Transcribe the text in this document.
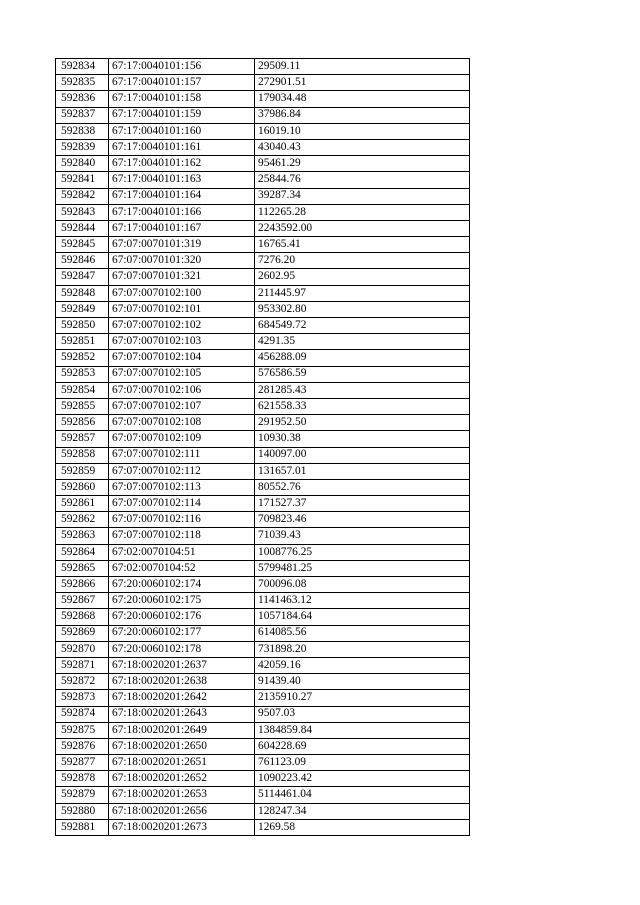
592834	67:17:0040101:156	29509.11
592835	67:17:0040101:157	272901.51
592836	67:17:0040101:158	179034.48
592837	67:17:0040101:159	37986.84
592838	67:17:0040101:160	16019.10
592839	67:17:0040101:161	43040.43
592840	67:17:0040101:162	95461.29
592841	67:17:0040101:163	25844.76
592842	67:17:0040101:164	39287.34
592843	67:17:0040101:166	112265.28
592844	67:17:0040101:167	2243592.00
592845	67:07:0070101:319	16765.41
592846	67:07:0070101:320	7276.20
592847	67:07:0070101:321	2602.95
592848	67:07:0070102:100	211445.97
592849	67:07:0070102:101	953302.80
592850	67:07:0070102:102	684549.72
592851	67:07:0070102:103	4291.35
592852	67:07:0070102:104	456288.09
592853	67:07:0070102:105	576586.59
592854	67:07:0070102:106	281285.43
592855	67:07:0070102:107	621558.33
592856	67:07:0070102:108	291952.50
592857	67:07:0070102:109	10930.38
592858	67:07:0070102:111	140097.00
592859	67:07:0070102:112	131657.01
592860	67:07:0070102:113	80552.76
592861	67:07:0070102:114	171527.37
592862	67:07:0070102:116	709823.46
592863	67:07:0070102:118	71039.43
592864	67:02:0070104:51	1008776.25
592865	67:02:0070104:52	5799481.25
592866	67:20:0060102:174	700096.08
592867	67:20:0060102:175	1141463.12
592868	67:20:0060102:176	1057184.64
592869	67:20:0060102:177	614085.56
592870	67:20:0060102:178	731898.20
592871	67:18:0020201:2637	42059.16
592872	67:18:0020201:2638	91439.40
592873	67:18:0020201:2642	2135910.27
592874	67:18:0020201:2643	9507.03
592875	67:18:0020201:2649	1384859.84
592876	67:18:0020201:2650	604228.69
592877	67:18:0020201:2651	761123.09
592878	67:18:0020201:2652	1090223.42
592879	67:18:0020201:2653	5114461.04
592880	67:18:0020201:2656	128247.34
592881	67:18:0020201:2673	1269.58
